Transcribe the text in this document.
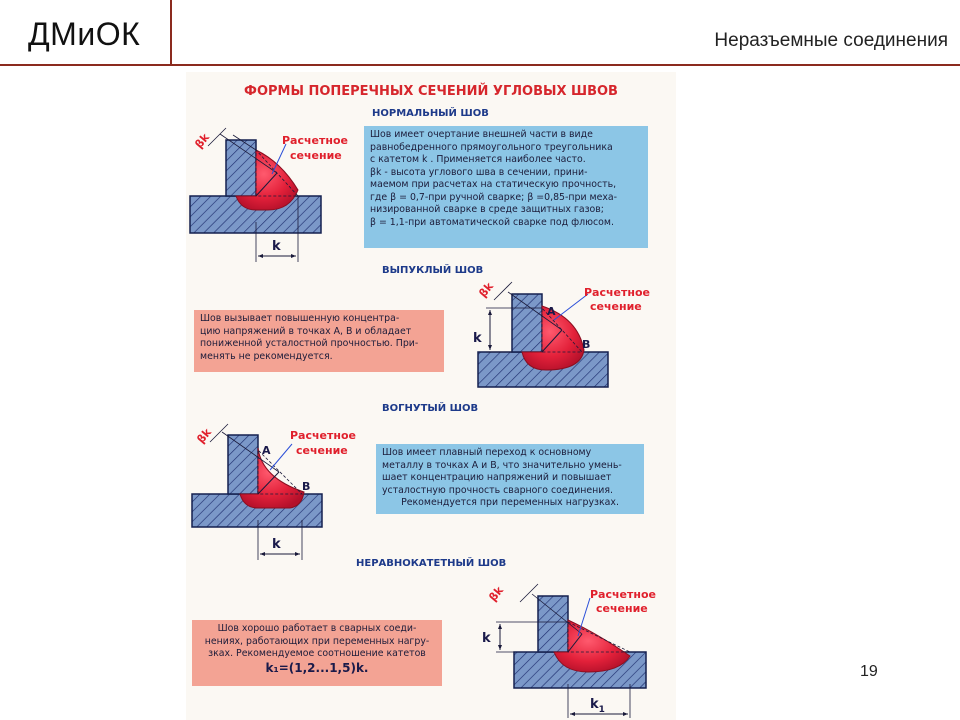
ДМиОК	Неразъемные соединения
ФОРМЫ ПОПЕРЕЧНЫХ СЕЧЕНИЙ УГЛОВЫХ ШВОВ
НОРМАЛЬНЫЙ ШОВ
Расчетное
сечение
βk
k
Шов имеет очертание внешней части в виде
равнобедренного прямоугольного треугольника
с катетом k . Применяется наиболее часто.
βk - высота углового шва в сечении, прини-
маемом при расчетах на статическую прочность,
где β = 0,7-при ручной сварке; β =0,85-при меха-
низированной сварке в среде защитных газов;
β = 1,1-при автоматической сварке под флюсом.
ВЫПУКЛЫЙ ШОВ
Шов вызывает повышенную концентра-
цию напряжений в точках А, В и обладает
пониженной усталостной прочностью. При-
менять не рекомендуется.
Расчетное
сечение
βk
k
A
B
ВОГНУТЫЙ ШОВ
Расчетное
сечение
βk
k
A
B
Шов имеет плавный переход к основному
металлу в точках А и В, что значительно умень-
шает концентрацию напряжений и повышает
усталостную прочность сварного соединения.
Рекомендуется при переменных нагрузках.
НЕРАВНОКАТЕТНЫЙ ШОВ
Расчетное
сечение
βk
k
$k_1$
Шов хорошо работает в сварных соеди-
нениях, работающих при переменных нагру-
зках. Рекомендуемое соотношение катетов
k₁=(1,2...1,5)k.	19
